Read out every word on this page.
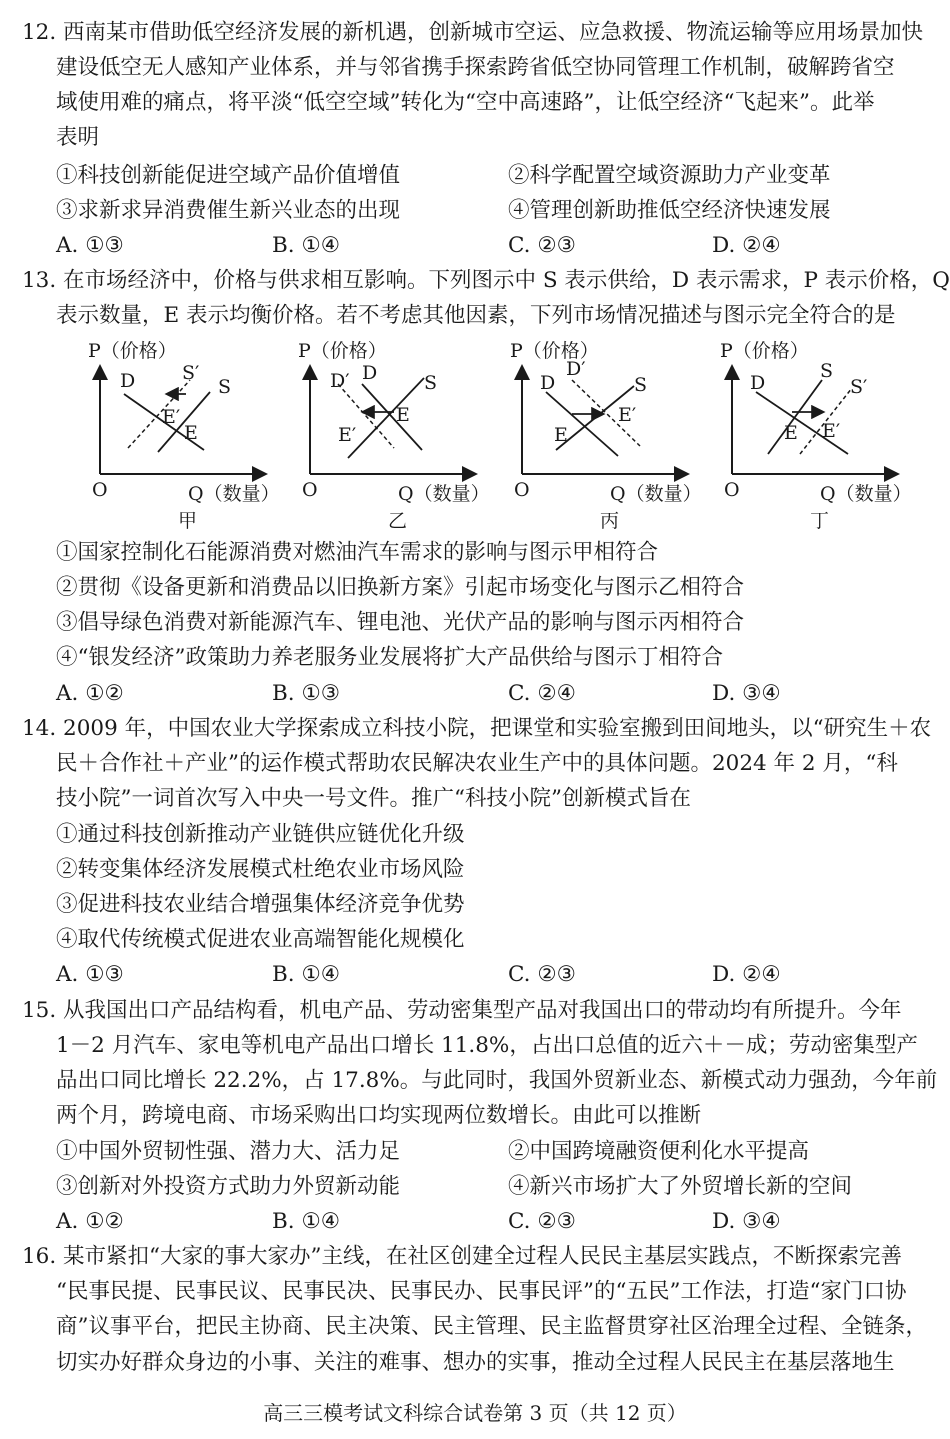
12. 西南某市借助低空经济发展的新机遇，创新城市空运、应急救援、物流运输等应用场景加快
建设低空无人感知产业体系，并与邻省携手探索跨省低空协同管理工作机制，破解跨省空
域使用难的痛点，将平淡“低空空域”转化为“空中高速路”，让低空经济“飞起来”。此举
表明
①科技创新能促进空域产品价值增值	②科学配置空域资源助力产业变革
③求新求异消费催生新兴业态的出现	④管理创新助推低空经济快速发展
A. ①③	B. ①④	C. ②③	D. ②④
13. 在市场经济中，价格与供求相互影响。下列图示中 S 表示供给，D 表示需求，P 表示价格，Q
表示数量，E 表示均衡价格。若不考虑其他因素，下列市场情况描述与图示完全符合的是
P（价格）
O	Q（数量）
D S′
S
E′
E
甲
P（价格）
O	Q（数量）
D′ D S
E′
E
乙
P（价格）
O	Q（数量）
D
D′
S
E
E′
丙
P（价格）
O	Q（数量）
D
S
S′
E E′
丁
①国家控制化石能源消费对燃油汽车需求的影响与图示甲相符合
②贯彻《设备更新和消费品以旧换新方案》引起市场变化与图示乙相符合
③倡导绿色消费对新能源汽车、锂电池、光伏产品的影响与图示丙相符合
④“银发经济”政策助力养老服务业发展将扩大产品供给与图示丁相符合
A. ①②	B. ①③	C. ②④	D. ③④
14. 2009 年，中国农业大学探索成立科技小院，把课堂和实验室搬到田间地头，以“研究生＋农
民＋合作社＋产业”的运作模式帮助农民解决农业生产中的具体问题。2024 年 2 月，“科
技小院”一词首次写入中央一号文件。推广“科技小院”创新模式旨在
①通过科技创新推动产业链供应链优化升级
②转变集体经济发展模式杜绝农业市场风险
③促进科技农业结合增强集体经济竞争优势
④取代传统模式促进农业高端智能化规模化
A. ①③	B. ①④	C. ②③	D. ②④
15. 从我国出口产品结构看，机电产品、劳动密集型产品对我国出口的带动均有所提升。今年
1－2 月汽车、家电等机电产品出口增长 11.8%，占出口总值的近六＋－成；劳动密集型产
品出口同比增长 22.2%，占 17.8%。与此同时，我国外贸新业态、新模式动力强劲，今年前
两个月，跨境电商、市场采购出口均实现两位数增长。由此可以推断
①中国外贸韧性强、潜力大、活力足	②中国跨境融资便利化水平提高
③创新对外投资方式助力外贸新动能	④新兴市场扩大了外贸增长新的空间
A. ①②	B. ①④	C. ②③	D. ③④
16. 某市紧扣“大家的事大家办”主线，在社区创建全过程人民民主基层实践点，不断探索完善
“民事民提、民事民议、民事民决、民事民办、民事民评”的“五民”工作法，打造“家门口协
商”议事平台，把民主协商、民主决策、民主管理、民主监督贯穿社区治理全过程、全链条，
切实办好群众身边的小事、关注的难事、想办的实事，推动全过程人民民主在基层落地生
高三三模考试文科综合试卷第 3 页（共 12 页）
